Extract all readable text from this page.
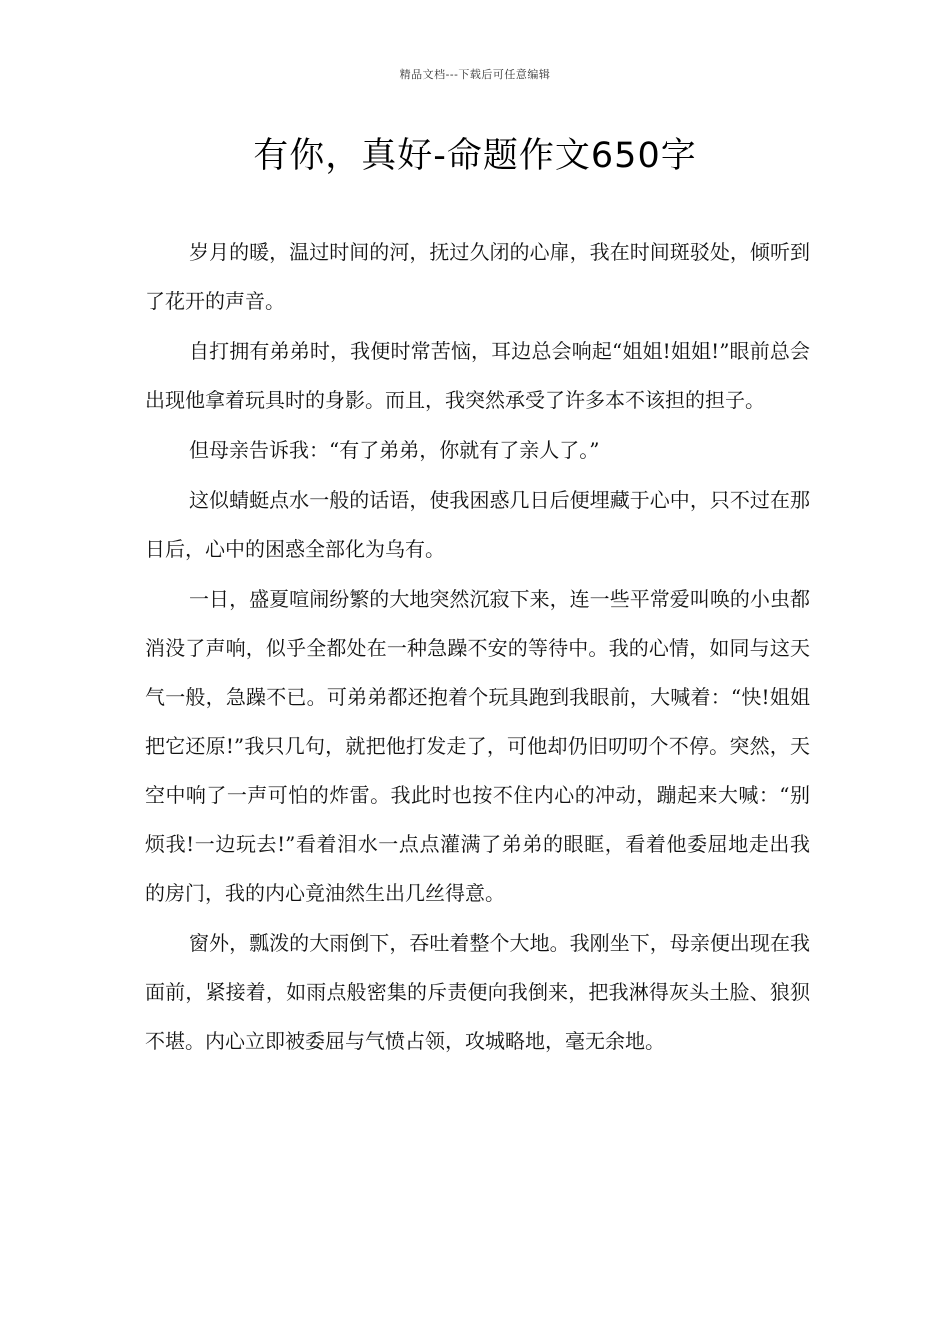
精品文档---下载后可任意编辑
有你，真好-命题作文650字

岁月的暖，温过时间的河，抚过久闭的心扉，我在时间斑驳处，倾听到了花开的声音。

自打拥有弟弟时，我便时常苦恼，耳边总会响起“姐姐!姐姐!”眼前总会出现他拿着玩具时的身影。而且，我突然承受了许多本不该担的担子。

但母亲告诉我：“有了弟弟，你就有了亲人了。”

这似蜻蜓点水一般的话语，使我困惑几日后便埋藏于心中，只不过在那日后，心中的困惑全部化为乌有。

一日，盛夏喧闹纷繁的大地突然沉寂下来，连一些平常爱叫唤的小虫都消没了声响，似乎全都处在一种急躁不安的等待中。我的心情，如同与这天气一般，急躁不已。可弟弟都还抱着个玩具跑到我眼前，大喊着：“快!姐姐把它还原!”我只几句，就把他打发走了，可他却仍旧叨叨个不停。突然，天空中响了一声可怕的炸雷。我此时也按不住内心的冲动，蹦起来大喊：“别烦我!一边玩去!”看着泪水一点点灌满了弟弟的眼眶，看着他委屈地走出我的房门，我的内心竟油然生出几丝得意。

窗外，瓢泼的大雨倒下，吞吐着整个大地。我刚坐下，母亲便出现在我面前，紧接着，如雨点般密集的斥责便向我倒来，把我淋得灰头土脸、狼狈不堪。内心立即被委屈与气愤占领，攻城略地，毫无余地。
